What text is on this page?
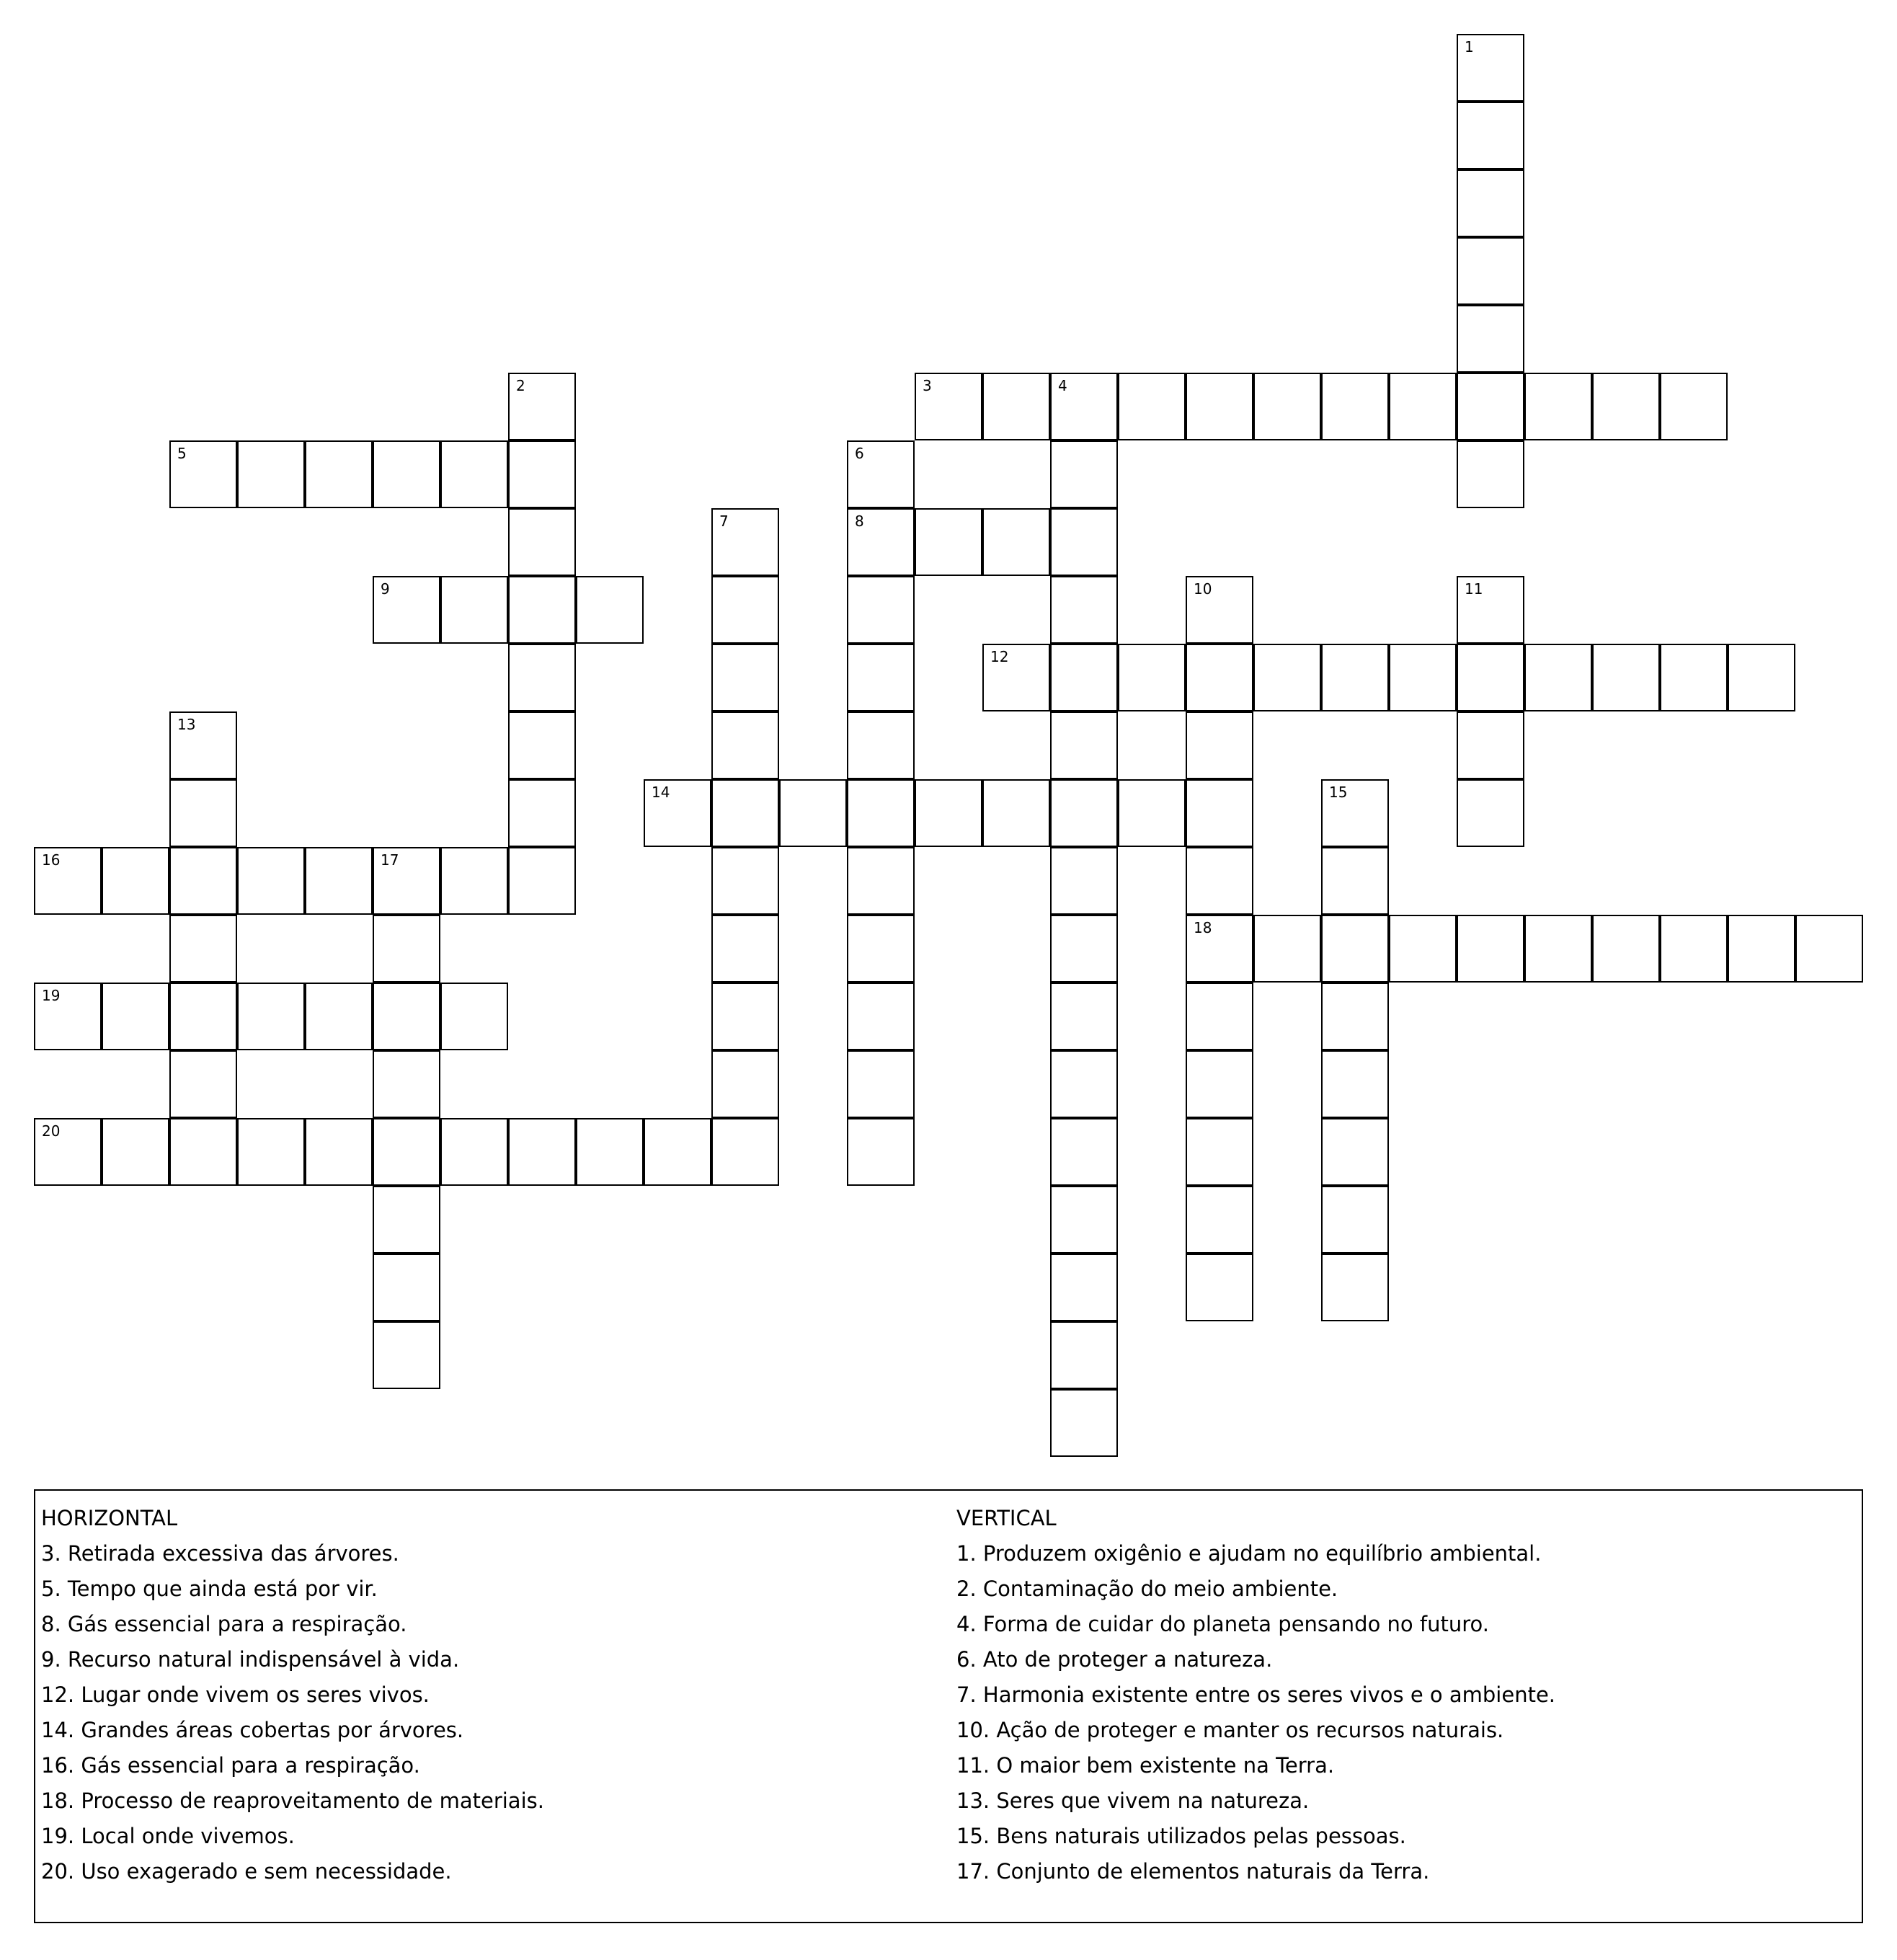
1
2	3	4
5	6
8
7
9	10
18
11
12
13
14	15
16	17
19
20
HORIZONTAL
3. Retirada excessiva das árvores.
5. Tempo que ainda está por vir.
8. Gás essencial para a respiração.
9. Recurso natural indispensável à vida.
12. Lugar onde vivem os seres vivos.
14. Grandes áreas cobertas por árvores.
16. Gás essencial para a respiração.
18. Processo de reaproveitamento de materiais.
19. Local onde vivemos.
20. Uso exagerado e sem necessidade.
VERTICAL
1. Produzem oxigênio e ajudam no equilíbrio ambiental.
2. Contaminação do meio ambiente.
4. Forma de cuidar do planeta pensando no futuro.
6. Ato de proteger a natureza.
7. Harmonia existente entre os seres vivos e o ambiente.
10. Ação de proteger e manter os recursos naturais.
11. O maior bem existente na Terra.
13. Seres que vivem na natureza.
15. Bens naturais utilizados pelas pessoas.
17. Conjunto de elementos naturais da Terra.
